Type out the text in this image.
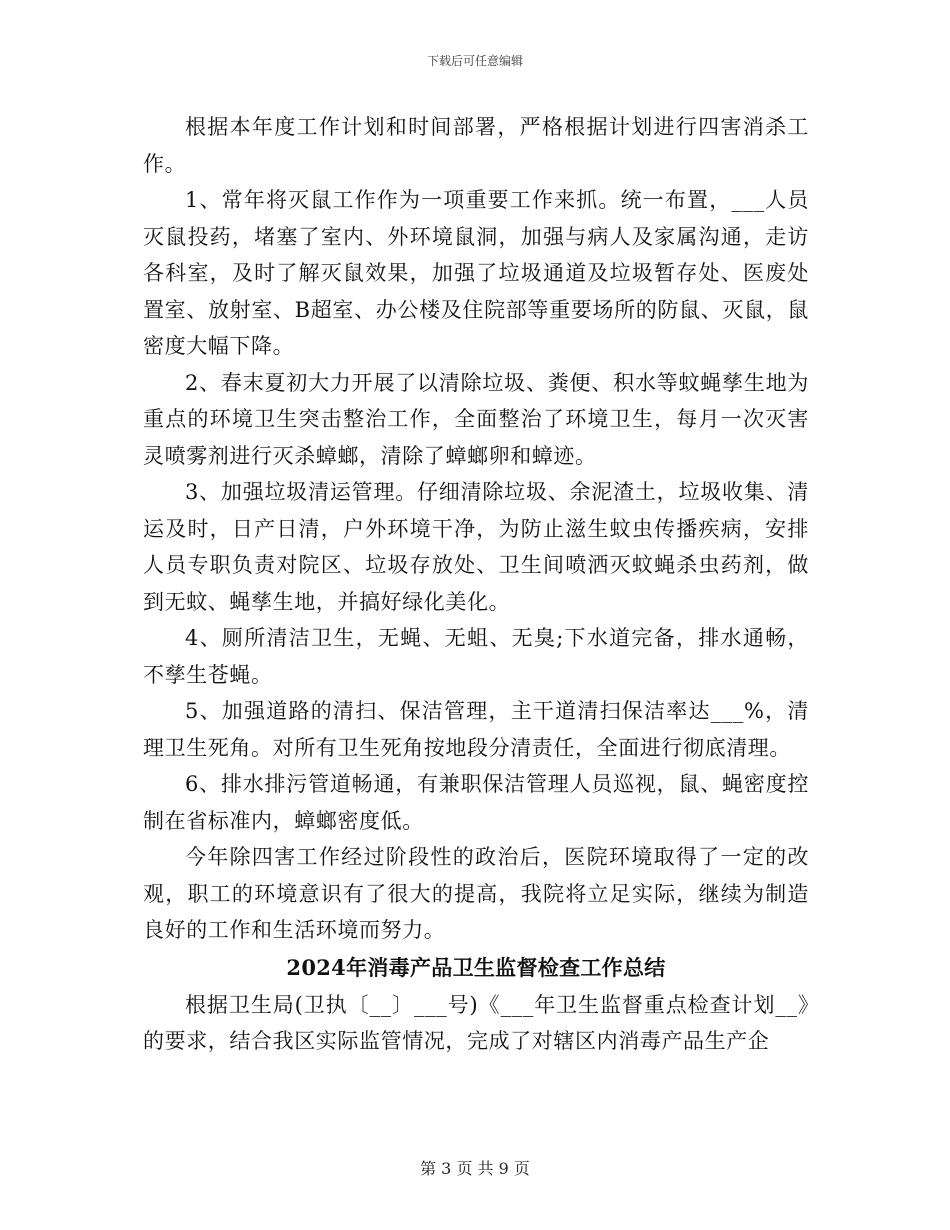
下载后可任意编辑

根据本年度工作计划和时间部署，严格根据计划进行四害消杀工作。

1、常年将灭鼠工作作为一项重要工作来抓。统一布置，___人员灭鼠投药，堵塞了室内、外环境鼠洞，加强与病人及家属沟通，走访各科室，及时了解灭鼠效果，加强了垃圾通道及垃圾暂存处、医废处置室、放射室、B超室、办公楼及住院部等重要场所的防鼠、灭鼠，鼠密度大幅下降。

2、春末夏初大力开展了以清除垃圾、粪便、积水等蚊蝇孳生地为重点的环境卫生突击整治工作，全面整治了环境卫生，每月一次灭害灵喷雾剂进行灭杀蟑螂，清除了蟑螂卵和蟑迹。

3、加强垃圾清运管理。仔细清除垃圾、余泥渣土，垃圾收集、清运及时，日产日清，户外环境干净，为防止滋生蚊虫传播疾病，安排人员专职负责对院区、垃圾存放处、卫生间喷洒灭蚊蝇杀虫药剂，做到无蚊、蝇孳生地，并搞好绿化美化。

4、厕所清洁卫生，无蝇、无蛆、无臭;下水道完备，排水通畅，不孳生苍蝇。

5、加强道路的清扫、保洁管理，主干道清扫保洁率达___%，清理卫生死角。对所有卫生死角按地段分清责任，全面进行彻底清理。

6、排水排污管道畅通，有兼职保洁管理人员巡视，鼠、蝇密度控制在省标准内，蟑螂密度低。

今年除四害工作经过阶段性的政治后，医院环境取得了一定的改观，职工的环境意识有了很大的提高，我院将立足实际，继续为制造良好的工作和生活环境而努力。

2024年消毒产品卫生监督检查工作总结

根据卫生局(卫执〔__〕___号)《___年卫生监督重点检查计划__》的要求，结合我区实际监管情况，完成了对辖区内消毒产品生产企

第 3 页 共 9 页
